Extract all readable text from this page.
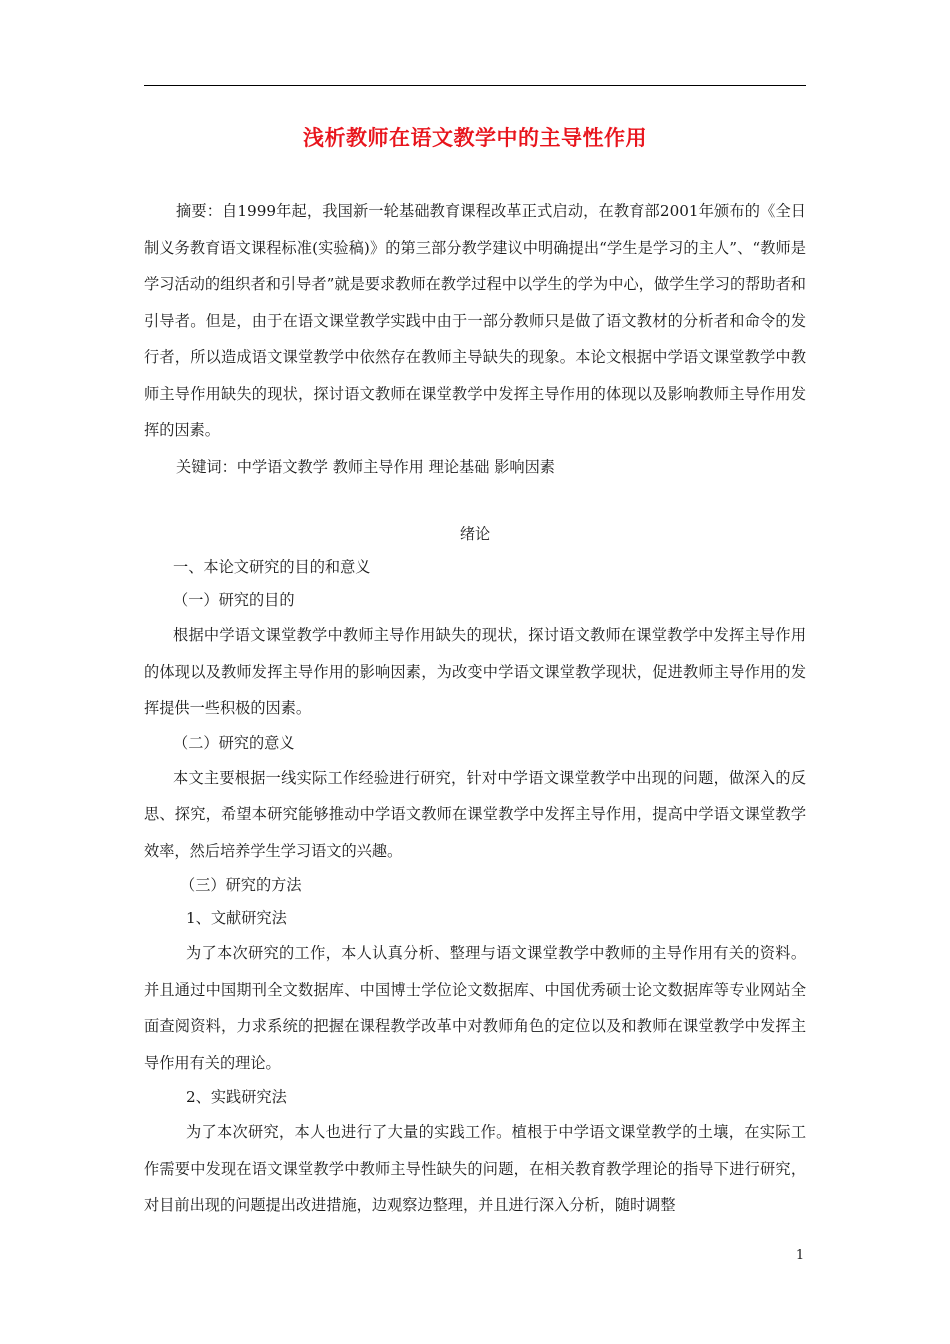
浅析教师在语文教学中的主导性作用

摘要：自1999年起，我国新一轮基础教育课程改革正式启动，在教育部2001年颁布的《全日制义务教育语文课程标准(实验稿)》的第三部分教学建议中明确提出“学生是学习的主人”、“教师是学习活动的组织者和引导者”就是要求教师在教学过程中以学生的学为中心，做学生学习的帮助者和引导者。但是，由于在语文课堂教学实践中由于一部分教师只是做了语文教材的分析者和命令的发行者，所以造成语文课堂教学中依然存在教师主导缺失的现象。本论文根据中学语文课堂教学中教师主导作用缺失的现状，探讨语文教师在课堂教学中发挥主导作用的体现以及影响教师主导作用发挥的因素。

关键词：中学语文教学 教师主导作用 理论基础 影响因素

绪论

一、本论文研究的目的和意义

（一）研究的目的

根据中学语文课堂教学中教师主导作用缺失的现状，探讨语文教师在课堂教学中发挥主导作用的体现以及教师发挥主导作用的影响因素，为改变中学语文课堂教学现状，促进教师主导作用的发挥提供一些积极的因素。

（二）研究的意义

本文主要根据一线实际工作经验进行研究，针对中学语文课堂教学中出现的问题，做深入的反思、探究，希望本研究能够推动中学语文教师在课堂教学中发挥主导作用，提高中学语文课堂教学效率，然后培养学生学习语文的兴趣。

（三）研究的方法

1、文献研究法

为了本次研究的工作，本人认真分析、整理与语文课堂教学中教师的主导作用有关的资料。并且通过中国期刊全文数据库、中国博士学位论文数据库、中国优秀硕士论文数据库等专业网站全面查阅资料，力求系统的把握在课程教学改革中对教师角色的定位以及和教师在课堂教学中发挥主导作用有关的理论。

2、实践研究法

为了本次研究，本人也进行了大量的实践工作。植根于中学语文课堂教学的土壤，在实际工作需要中发现在语文课堂教学中教师主导性缺失的问题，在相关教育教学理论的指导下进行研究，对目前出现的问题提出改进措施，边观察边整理，并且进行深入分析，随时调整

1
